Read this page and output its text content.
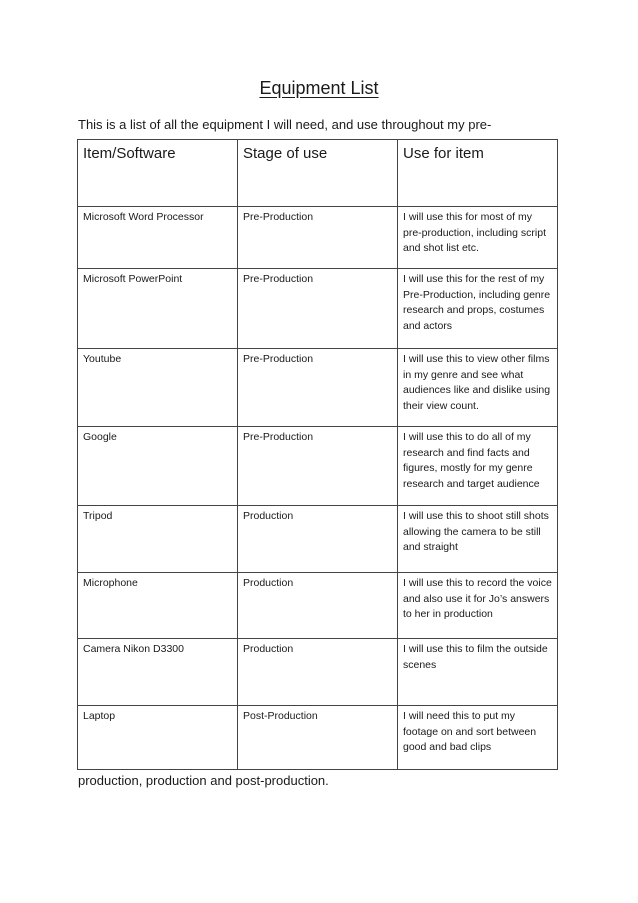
Equipment List
This is a list of all the equipment I will need, and use throughout my pre-
Item/Software	Stage of use	Use for item
Microsoft Word Processor	Pre-Production	I will use this for most of my pre-production, including script and shot list etc.
Microsoft PowerPoint	Pre-Production	I will use this for the rest of my Pre-Production, including genre research and props, costumes and actors
Youtube	Pre-Production	I will use this to view other films in my genre and see what audiences like and dislike using their view count.
Google	Pre-Production	I will use this to do all of my research and find facts and figures, mostly for my genre research and target audience
Tripod	Production	I will use this to shoot still shots allowing the camera to be still and straight
Microphone	Production	I will use this to record the voice and also use it for Jo’s answers to her in production
Camera Nikon D3300	Production	I will use this to film the outside scenes
Laptop	Post-Production	I will need this to put my footage on and sort between good and bad clips
production, production and post-production.
